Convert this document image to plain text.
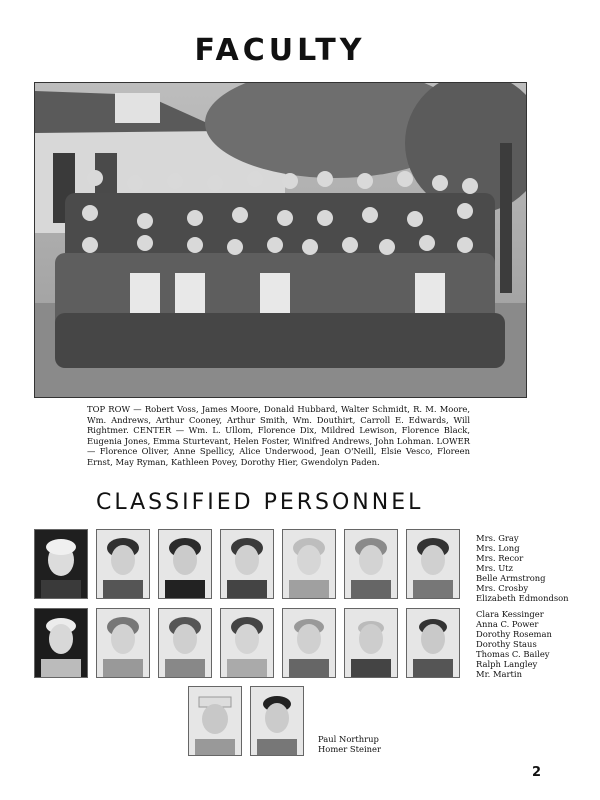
FACULTY
TOP ROW — Robert Voss, James Moore, Donald Hubbard, Walter Schmidt, R. M. Moore, Wm. Andrews, Arthur Cooney, Arthur Smith, Wm. Douthirt, Carroll E. Edwards, Will Rightmer. CENTER — Wm. L. Ullom, Florence Dix, Mildred Lewison, Florence Black, Eugenia Jones, Emma Sturtevant, Helen Foster, Winifred Andrews, John Lohman. LOWER — Florence Oliver, Anne Spellicy, Alice Underwood, Jean O'Neill, Elsie Vesco, Floreen Ernst, May Ryman, Kathleen Povey, Dorothy Hier, Gwendolyn Paden.
CLASSIFIED PERSONNEL
Mrs. Gray
Mrs. Long
Mrs. Recor
Mrs. Utz
Belle Armstrong
Mrs. Crosby
Elizabeth Edmondson
Clara Kessinger
Anna C. Power
Dorothy Roseman
Dorothy Staus
Thomas C. Bailey
Ralph Langley
Mr. Martin
Paul Northrup
Homer Steiner
2
